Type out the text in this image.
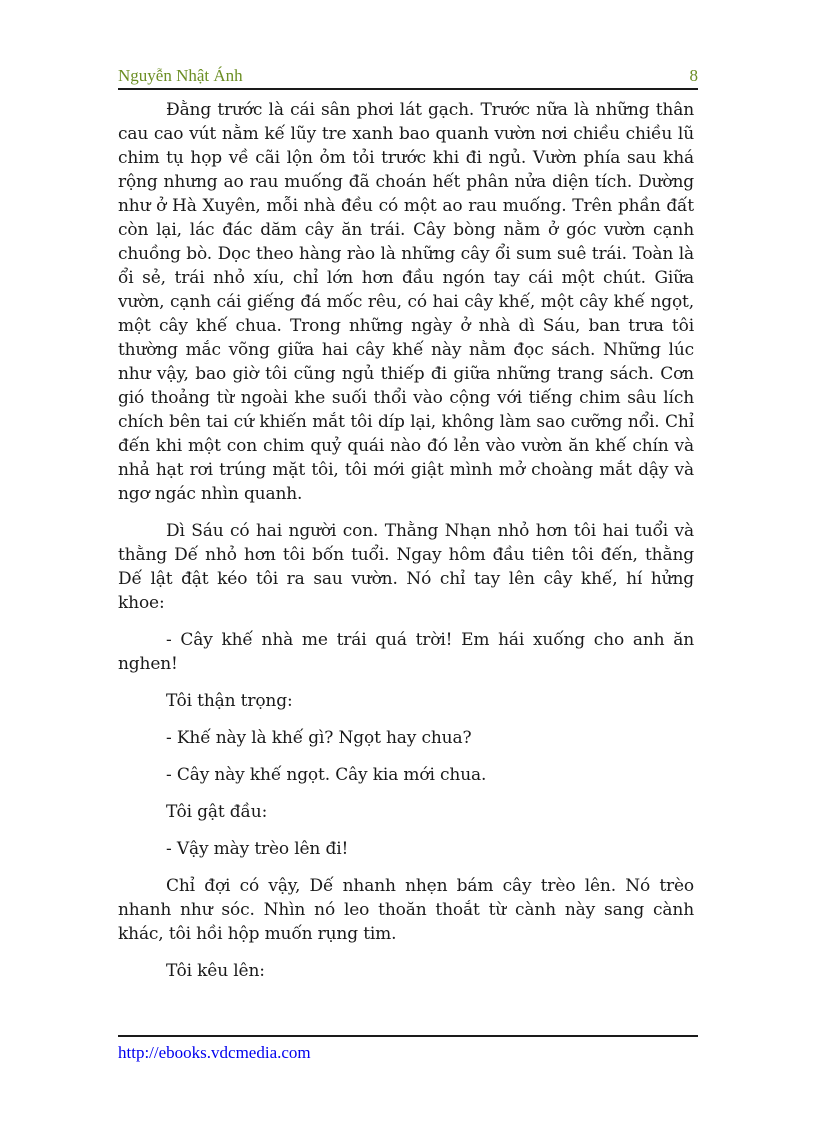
Nguyễn Nhật Ánh	8

Đằng trước là cái sân phơi lát gạch. Trước nữa là những thân cau cao vút nằm kế lũy tre xanh bao quanh vườn nơi chiều chiều lũ chim tụ họp về cãi lộn ỏm tỏi trước khi đi ngủ. Vườn phía sau khá rộng nhưng ao rau muống đã choán hết phân nửa diện tích. Dường như ở Hà Xuyên, mỗi nhà đều có một ao rau muống. Trên phần đất còn lại, lác đác dăm cây ăn trái. Cây bòng nằm ở góc vườn cạnh chuồng bò. Dọc theo hàng rào là những cây ổi sum suê trái. Toàn là ổi sẻ, trái nhỏ xíu, chỉ lớn hơn đầu ngón tay cái một chút. Giữa vườn, cạnh cái giếng đá mốc rêu, có hai cây khế, một cây khế ngọt, một cây khế chua. Trong những ngày ở nhà dì Sáu, ban trưa tôi thường mắc võng giữa hai cây khế này nằm đọc sách. Những lúc như vậy, bao giờ tôi cũng ngủ thiếp đi giữa những trang sách. Cơn gió thoảng từ ngoài khe suối thổi vào cộng với tiếng chim sâu lích chích bên tai cứ khiến mắt tôi díp lại, không làm sao cưỡng nổi. Chỉ đến khi một con chim quỷ quái nào đó lẻn vào vườn ăn khế chín và nhả hạt rơi trúng mặt tôi, tôi mới giật mình mở choàng mắt dậy và ngơ ngác nhìn quanh.

Dì Sáu có hai người con. Thằng Nhạn nhỏ hơn tôi hai tuổi và thằng Dế nhỏ hơn tôi bốn tuổi. Ngay hôm đầu tiên tôi đến, thằng Dế lật đật kéo tôi ra sau vườn. Nó chỉ tay lên cây khế, hí hửng khoe:

- Cây khế nhà me trái quá trời! Em hái xuống cho anh ăn nghen!

Tôi thận trọng:

- Khế này là khế gì? Ngọt hay chua?

- Cây này khế ngọt. Cây kia mới chua.

Tôi gật đầu:

- Vậy mày trèo lên đi!

Chỉ đợi có vậy, Dế nhanh nhẹn bám cây trèo lên. Nó trèo nhanh như sóc. Nhìn nó leo thoăn thoắt từ cành này sang cành khác, tôi hồi hộp muốn rụng tim.

Tôi kêu lên:

http://ebooks.vdcmedia.com
